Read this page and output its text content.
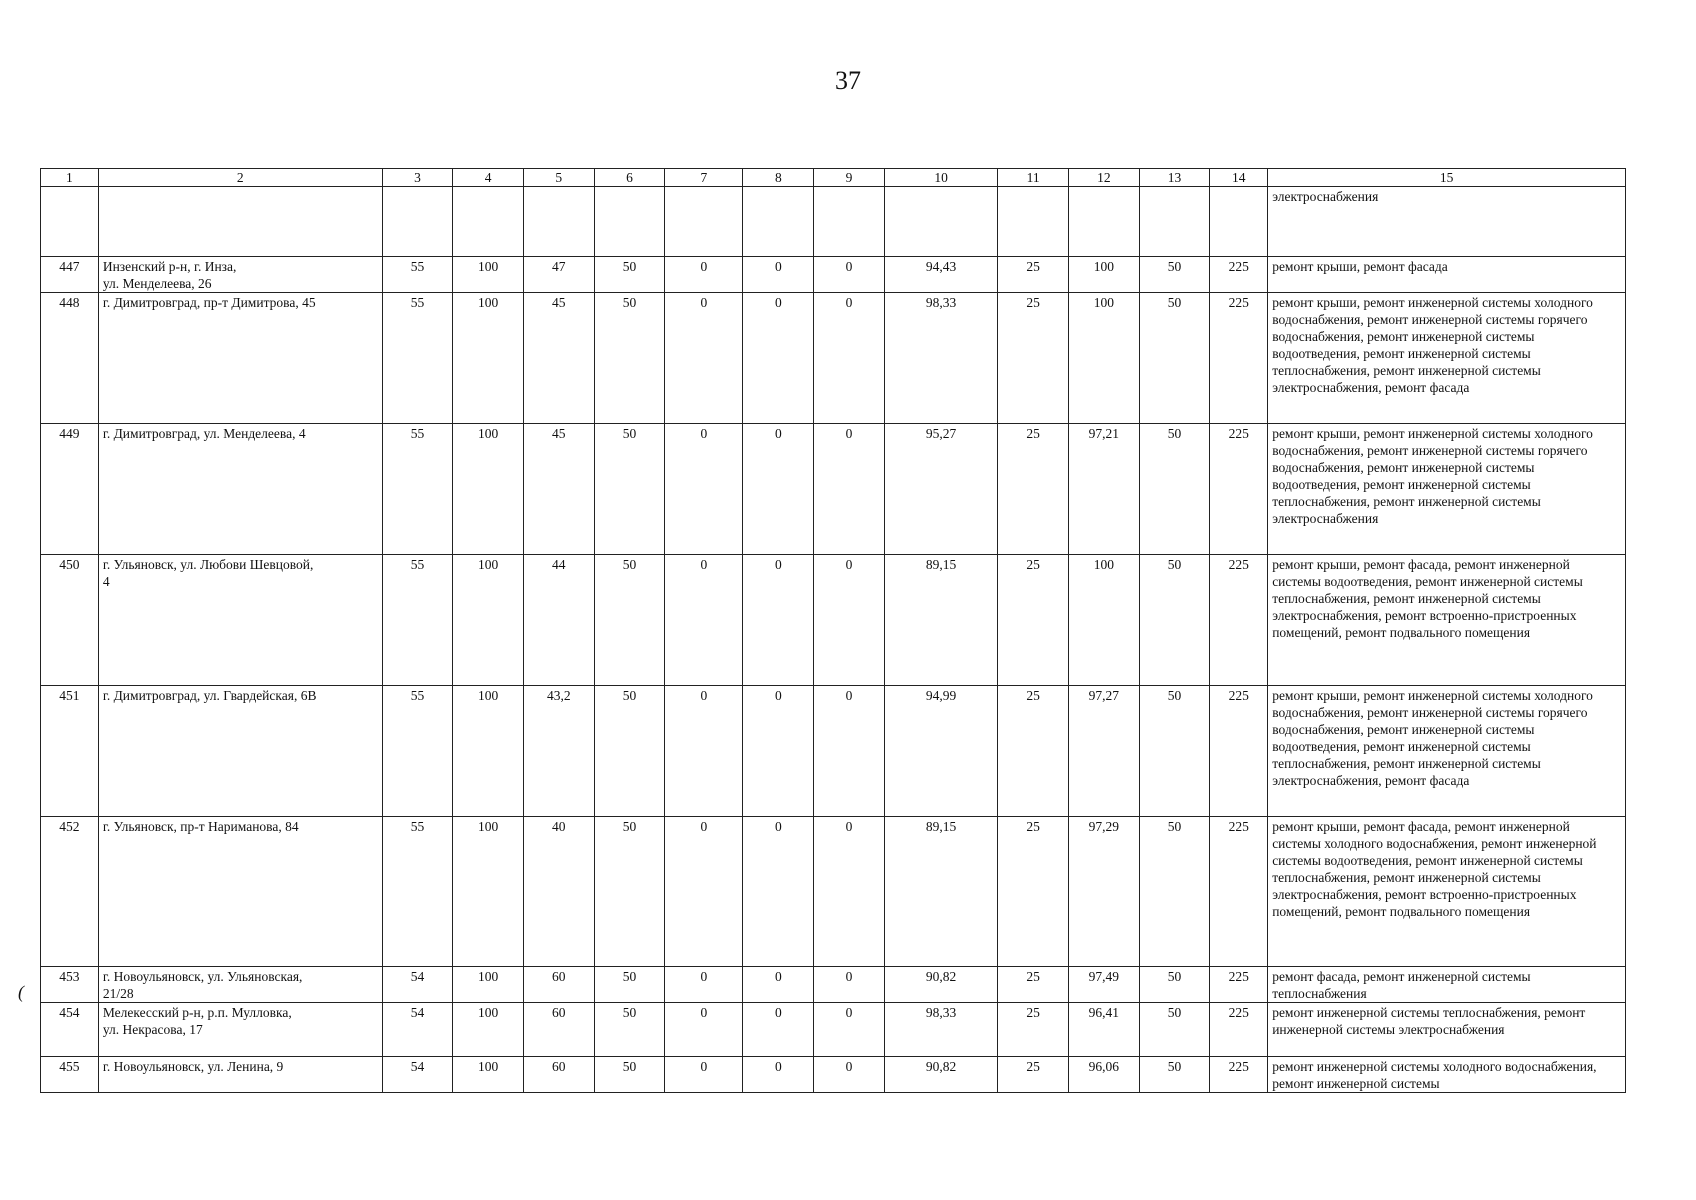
37
(
1	2	3	4	5	6	7	8	9	10	11	12	13	14	15
														электроснабжения
447	Инзенский р-н, г. Инза,
ул. Менделеева, 26	55	100	47	50	0	0	0	94,43	25	100	50	225	ремонт крыши, ремонт фасада
448	г. Димитровград, пр-т Димитрова, 45	55	100	45	50	0	0	0	98,33	25	100	50	225	ремонт крыши, ремонт инженерной системы холодного водоснабжения, ремонт инженерной системы горячего водоснабжения, ремонт инженерной системы водоотведения, ремонт инженерной системы теплоснабжения, ремонт инженерной системы электроснабжения, ремонт фасада
449	г. Димитровград, ул. Менделеева, 4	55	100	45	50	0	0	0	95,27	25	97,21	50	225	ремонт крыши, ремонт инженерной системы холодного водоснабжения, ремонт инженерной системы горячего водоснабжения, ремонт инженерной системы водоотведения, ремонт инженерной системы теплоснабжения, ремонт инженерной системы электроснабжения
450	г. Ульяновск, ул. Любови Шевцовой,
4	55	100	44	50	0	0	0	89,15	25	100	50	225	ремонт крыши, ремонт фасада, ремонт инженерной системы водоотведения, ремонт инженерной системы теплоснабжения, ремонт инженерной системы электроснабжения, ремонт встроенно-пристроенных помещений, ремонт подвального помещения
451	г. Димитровград, ул. Гвардейская, 6В	55	100	43,2	50	0	0	0	94,99	25	97,27	50	225	ремонт крыши, ремонт инженерной системы холодного водоснабжения, ремонт инженерной системы горячего водоснабжения, ремонт инженерной системы водоотведения, ремонт инженерной системы теплоснабжения, ремонт инженерной системы электроснабжения, ремонт фасада
452	г. Ульяновск, пр-т Нариманова, 84	55	100	40	50	0	0	0	89,15	25	97,29	50	225	ремонт крыши, ремонт фасада, ремонт инженерной системы холодного водоснабжения, ремонт инженерной системы водоотведения, ремонт инженерной системы теплоснабжения, ремонт инженерной системы электроснабжения, ремонт встроенно-пристроенных помещений, ремонт подвального помещения
453	г. Новоульяновск, ул. Ульяновская,
21/28	54	100	60	50	0	0	0	90,82	25	97,49	50	225	ремонт фасада, ремонт инженерной системы теплоснабжения
454	Мелекесский р-н, р.п. Мулловка,
ул. Некрасова, 17	54	100	60	50	0	0	0	98,33	25	96,41	50	225	ремонт инженерной системы теплоснабжения, ремонт инженерной системы электроснабжения
455	г. Новоульяновск, ул. Ленина, 9	54	100	60	50	0	0	0	90,82	25	96,06	50	225	ремонт инженерной системы холодного водоснабжения, ремонт инженерной системы
